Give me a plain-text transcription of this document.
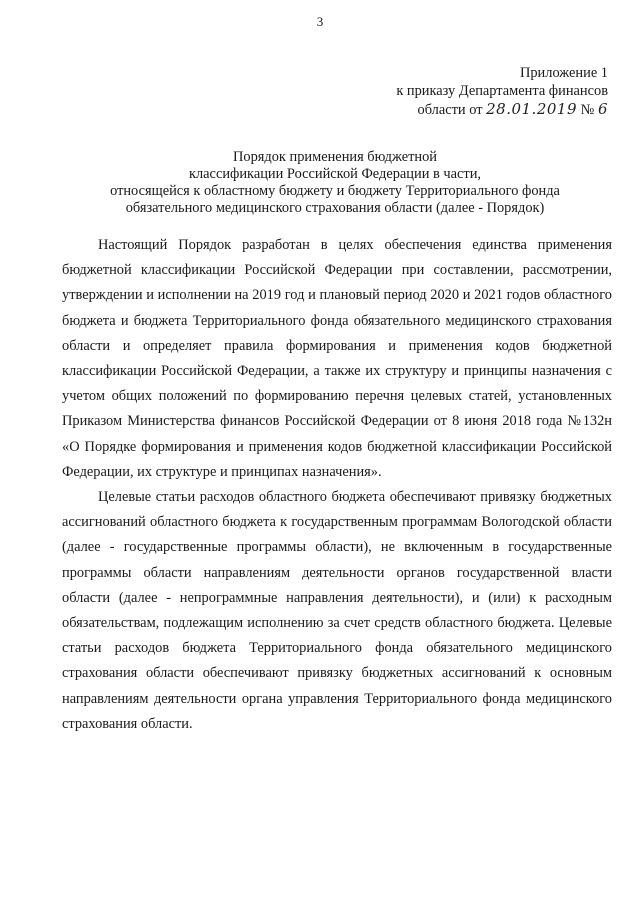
3
Приложение 1
к приказу Департамента финансов
области от 28.01.2019 № 6
Порядок применения бюджетной
классификации Российской Федерации в части,
относящейся к областному бюджету и бюджету Территориального фонда
обязательного медицинского страхования области (далее - Порядок)

Настоящий Порядок разработан в целях обеспечения единства применения бюджетной классификации Российской Федерации при составлении, рассмотрении, утверждении и исполнении на 2019 год и плановый период 2020 и 2021 годов областного бюджета и бюджета Территориального фонда обязательного медицинского страхования области и определяет правила формирования и применения кодов бюджетной классификации Российской Федерации, а также их структуру и принципы назначения с учетом общих положений по формированию перечня целевых статей, установленных Приказом Министерства финансов Российской Федерации от 8 июня 2018 года №132н «О Порядке формирования и применения кодов бюджетной классификации Российской Федерации, их структуре и принципах назначения».

Целевые статьи расходов областного бюджета обеспечивают привязку бюджетных ассигнований областного бюджета к государственным программам Вологодской области (далее - государственные программы области), не включенным в государственные программы области направлениям деятельности органов государственной власти области (далее - непрограммные направления деятельности), и (или) к расходным обязательствам, подлежащим исполнению за счет средств областного бюджета. Целевые статьи расходов бюджета Территориального фонда обязательного медицинского страхования области обеспечивают привязку бюджетных ассигнований к основным направлениям деятельности органа управления Территориального фонда медицинского страхования области.
